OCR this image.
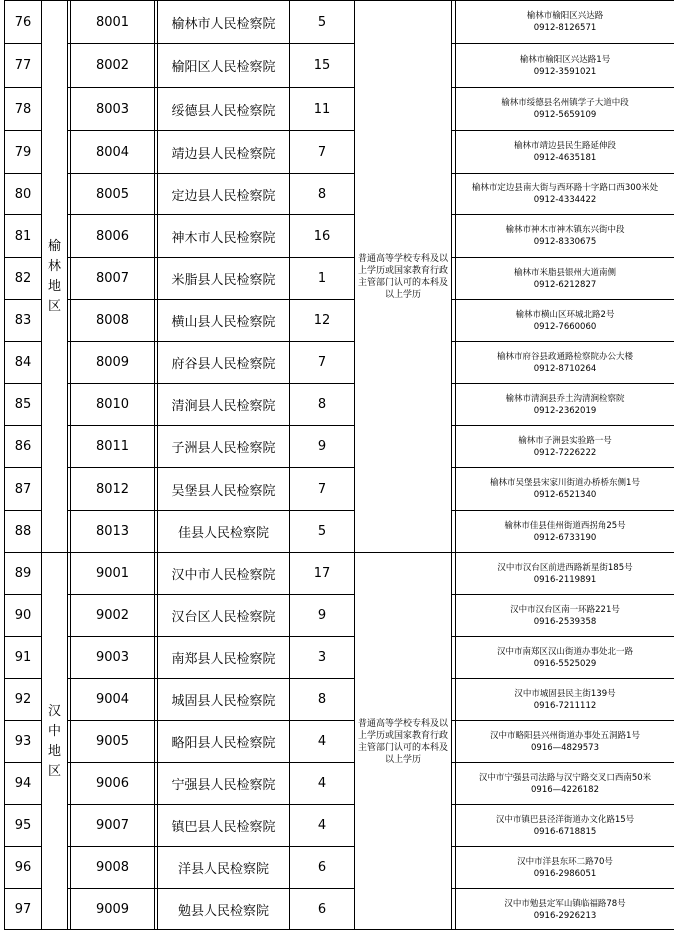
榆林地区
普通高等学校专科及以上学历或国家教育行政主管部门认可的本科及以上学历
76	8001	榆林市人民检察院	5	榆林市榆阳区兴达路
0912-8126571
77	8002	榆阳区人民检察院	15	榆林市榆阳区兴达路1号
0912-3591021
78	8003	绥德县人民检察院	11	榆林市绥德县名州镇学子大道中段
0912-5659109
79	8004	靖边县人民检察院	7	榆林市靖边县民生路延伸段
0912-4635181
80	8005	定边县人民检察院	8	榆林市定边县南大街与西环路十字路口西300米处
0912-4334422
81	8006	神木市人民检察院	16	榆林市神木市神木镇东兴街中段
0912-8330675
82	8007	米脂县人民检察院	1	榆林市米脂县银州大道南侧
0912-6212827
83	8008	横山县人民检察院	12	榆林市横山区环城北路2号
0912-7660060
84	8009	府谷县人民检察院	7	榆林市府谷县政通路检察院办公大楼
0912-8710264
85	8010	清涧县人民检察院	8	榆林市清涧县乔土沟清涧检察院
0912-2362019
86	8011	子洲县人民检察院	9	榆林市子洲县实验路一号
0912-7226222
87	8012	吴堡县人民检察院	7	榆林市吴堡县宋家川街道办桥桥东侧1号
0912-6521340
88	8013	佳县人民检察院	5	榆林市佳县佳州街道西拐角25号
0912-6733190
汉中地区
普通高等学校专科及以上学历或国家教育行政主管部门认可的本科及以上学历
89	9001	汉中市人民检察院	17	汉中市汉台区前进西路新星街185号
0916-2119891
90	9002	汉台区人民检察院	9	汉中市汉台区南一环路221号
0916-2539358
91	9003	南郑县人民检察院	3	汉中市南郑区汉山街道办事处北一路
0916-5525029
92	9004	城固县人民检察院	8	汉中市城固县民主街139号
0916-7211112
93	9005	略阳县人民检察院	4	汉中市略阳县兴州街道办事处五洞路1号
0916—4829573
94	9006	宁强县人民检察院	4	汉中市宁强县司法路与汉宁路交叉口西南50米
0916—4226182
95	9007	镇巴县人民检察院	4	汉中市镇巴县泾洋街道办文化路15号
0916-6718815
96	9008	洋县人民检察院	6	汉中市洋县东环二路70号
0916-2986051
97	9009	勉县人民检察院	6	汉中市勉县定军山镇临福路78号
0916-2926213
